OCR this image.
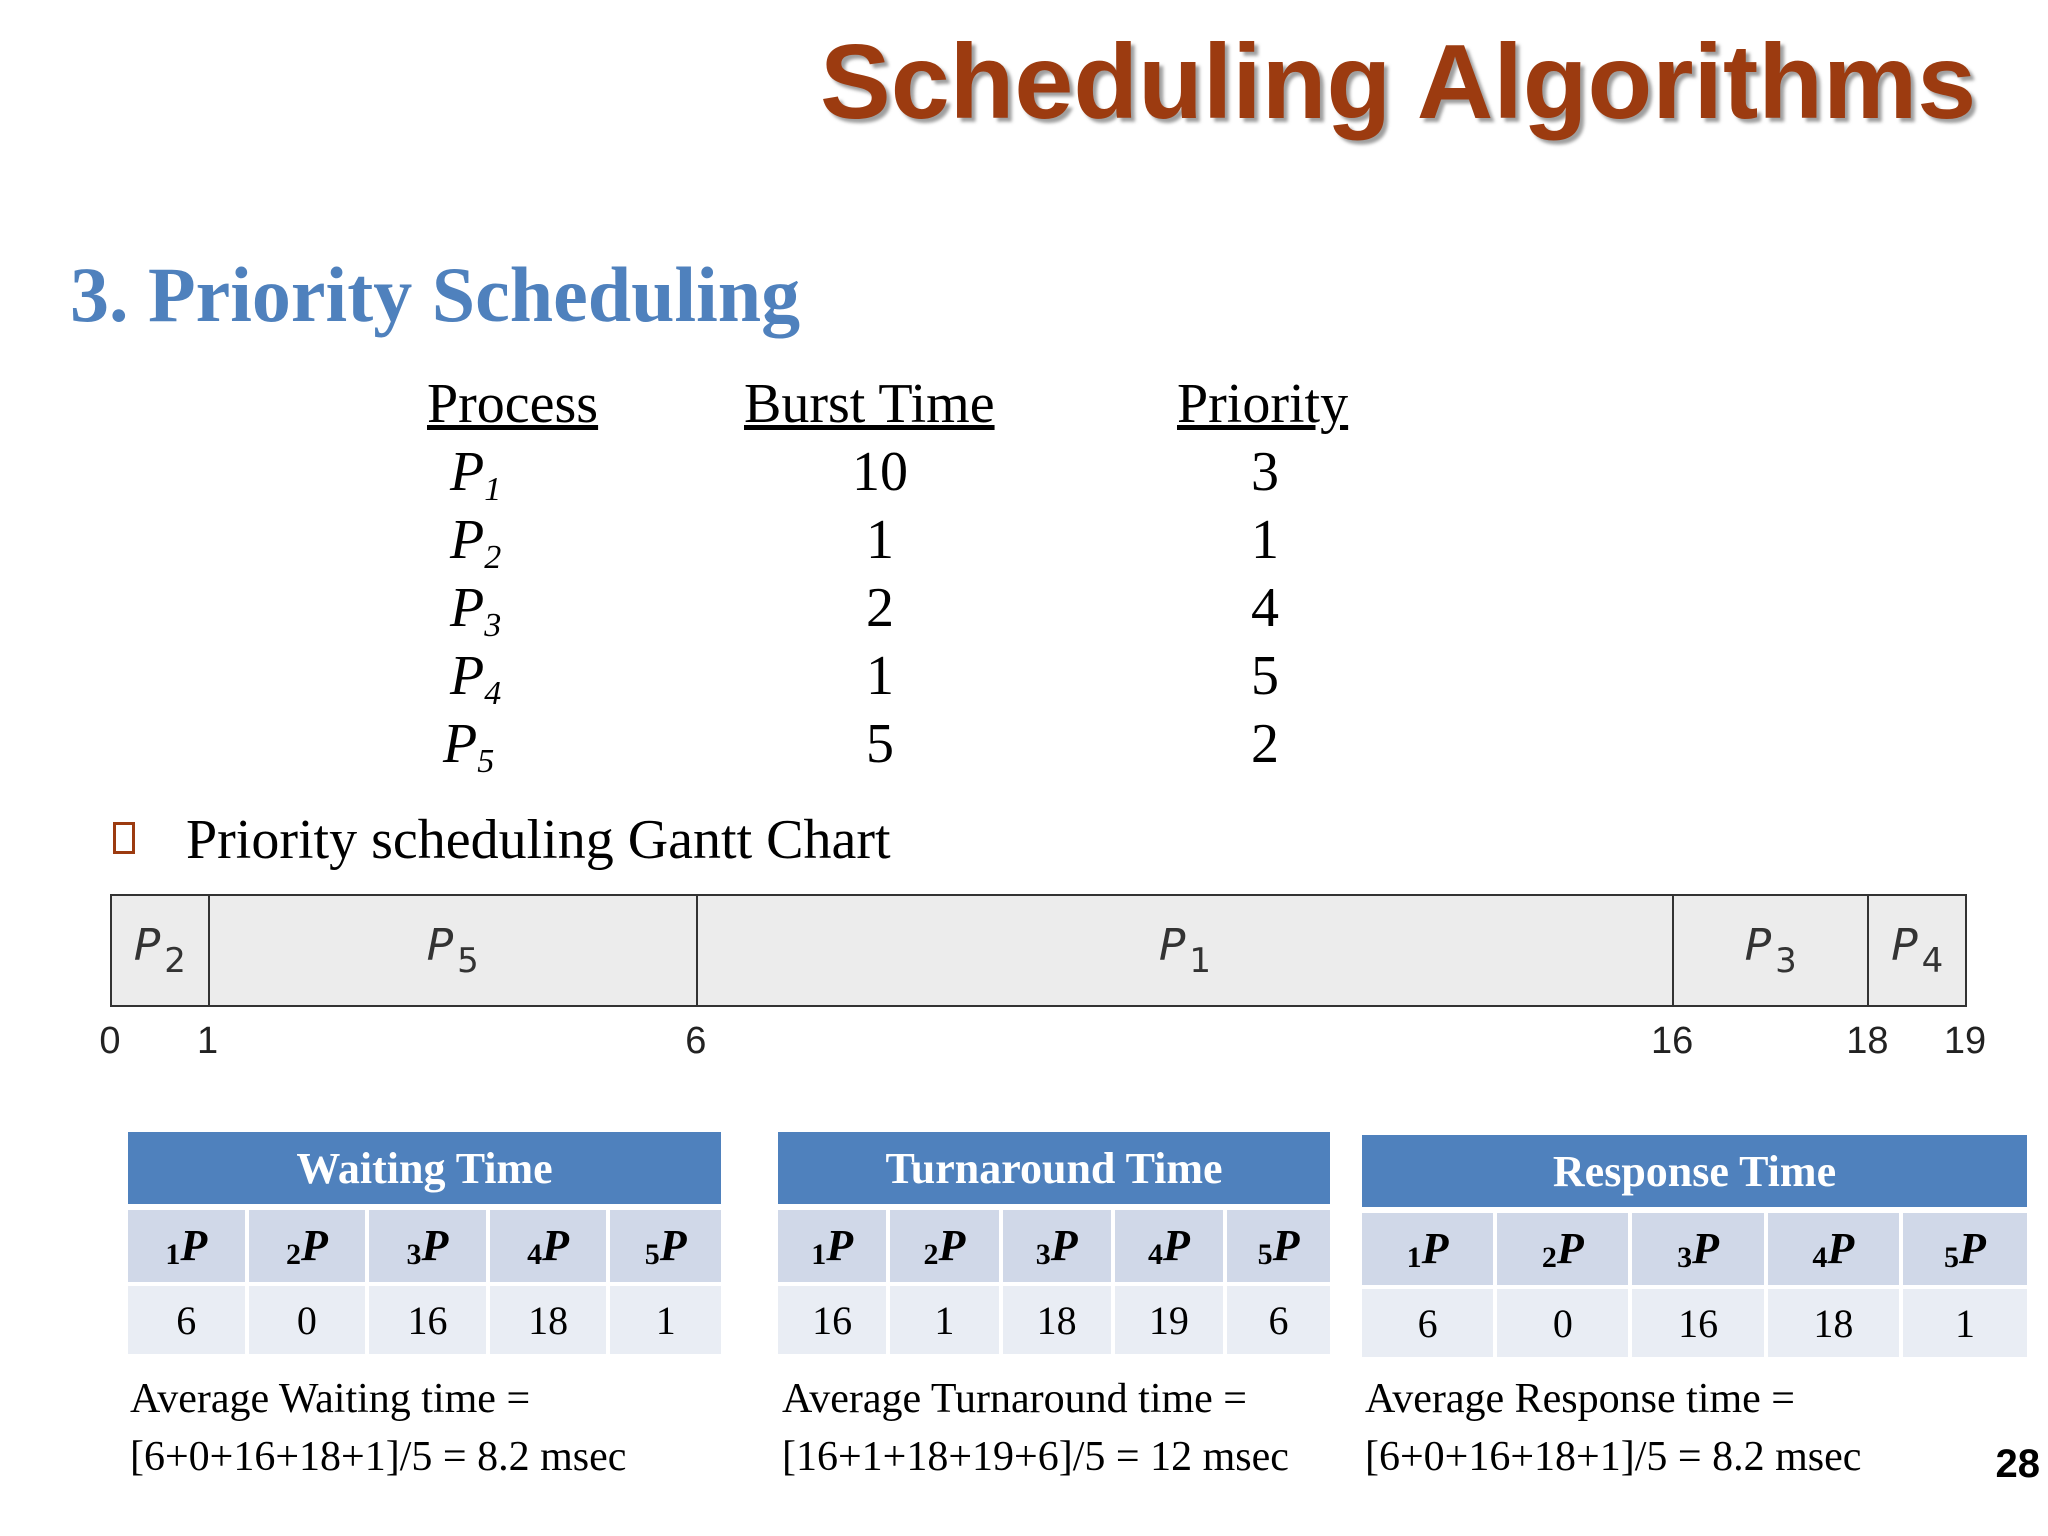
Scheduling Algorithms
3. Priority Scheduling
Process	Burst Time	Priority
$P_1$	10	3
$P_2$	1	1
$P_3$	2	4
$P_4$	1	5
$P_5$	5	2
Priority scheduling Gantt Chart
P $_2$	P $_5$	P $_1$	P $_3$ P $_4$
0 1	6	16	18 19
Waiting Time				
$_1$P	$_2$P	$_3$P	$_4$P	$_5$P
6	0	16	18	1
Turnaround Time				
$_1$P	$_2$P	$_3$P	$_4$P	$_5$P
16	1	18	19	6
Response Time				
$_1$P	$_2$P	$_3$P	$_4$P	$_5$P
6	0	16	18	1
Average Waiting time =
[6+0+16+18+1]/5 = 8.2 msec
Average Turnaround time =
[16+1+18+19+6]/5 = 12 msec
Average Response time =
[6+0+16+18+1]/5 = 8.2 msec	28
